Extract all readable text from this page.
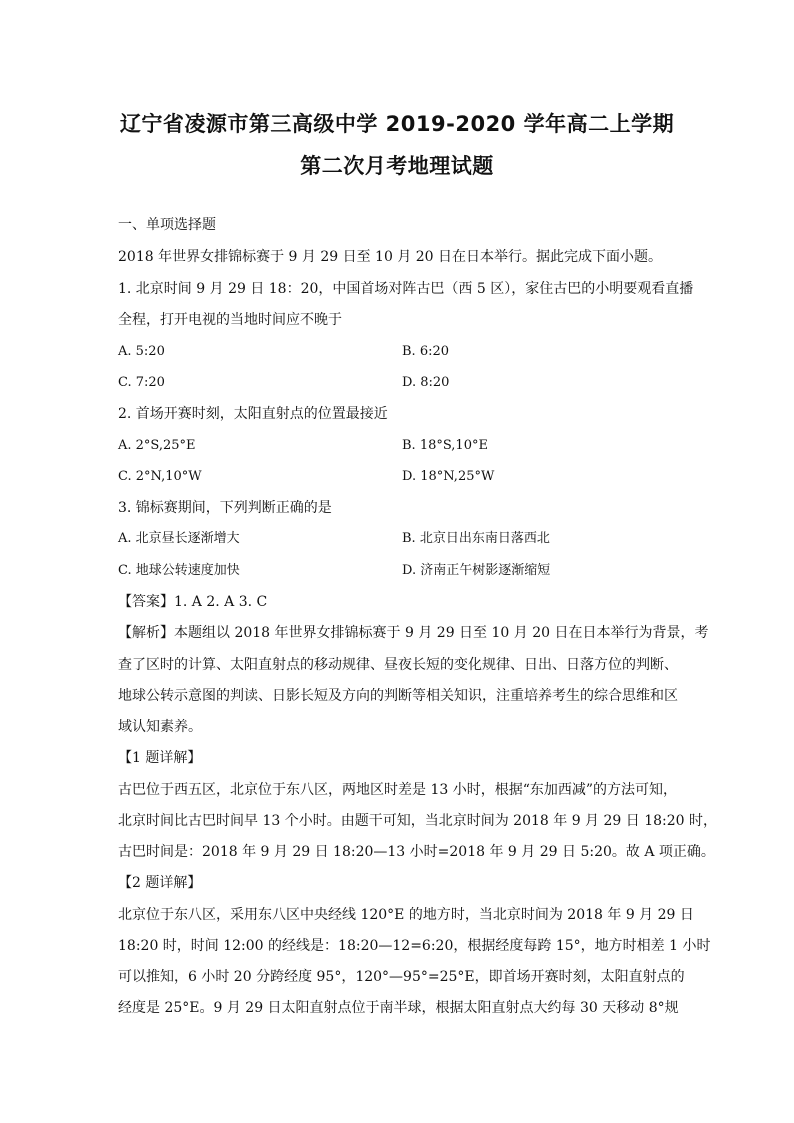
辽宁省凌源市第三高级中学 2019-2020 学年高二上学期
第二次月考地理试题
一、单项选择题
2018 年世界女排锦标赛于 9 月 29 日至 10 月 20 日在日本举行。据此完成下面小题。
1. 北京时间 9 月 29 日 18：20，中国首场对阵古巴（西 5 区），家住古巴的小明要观看直播
全程，打开电视的当地时间应不晚于
A. 5:20	B. 6:20
C. 7:20	D. 8:20
2. 首场开赛时刻，太阳直射点的位置最接近
A. 2°S,25°E	B. 18°S,10°E
C. 2°N,10°W	D. 18°N,25°W
3. 锦标赛期间，下列判断正确的是
A. 北京昼长逐渐增大	B. 北京日出东南日落西北
C. 地球公转速度加快	D. 济南正午树影逐渐缩短
【答案】1. A 2. A 3. C
【解析】本题组以 2018 年世界女排锦标赛于 9 月 29 日至 10 月 20 日在日本举行为背景，考
查了区时的计算、太阳直射点的移动规律、昼夜长短的变化规律、日出、日落方位的判断、
地球公转示意图的判读、日影长短及方向的判断等相关知识，注重培养考生的综合思维和区
域认知素养。
【1 题详解】
古巴位于西五区，北京位于东八区，两地区时差是 13 小时，根据“东加西减”的方法可知，
北京时间比古巴时间早 13 个小时。由题干可知，当北京时间为 2018 年 9 月 29 日 18:20 时，
古巴时间是：2018 年 9 月 29 日 18:20—13 小时=2018 年 9 月 29 日 5:20。故 A 项正确。
【2 题详解】
北京位于东八区，采用东八区中央经线 120°E 的地方时，当北京时间为 2018 年 9 月 29 日
18:20 时，时间 12:00 的经线是：18:20—12=6:20，根据经度每跨 15°，地方时相差 1 小时
可以推知，6 小时 20 分跨经度 95°，120°—95°=25°E，即首场开赛时刻，太阳直射点的
经度是 25°E。9 月 29 日太阳直射点位于南半球，根据太阳直射点大约每 30 天移动 8°规
